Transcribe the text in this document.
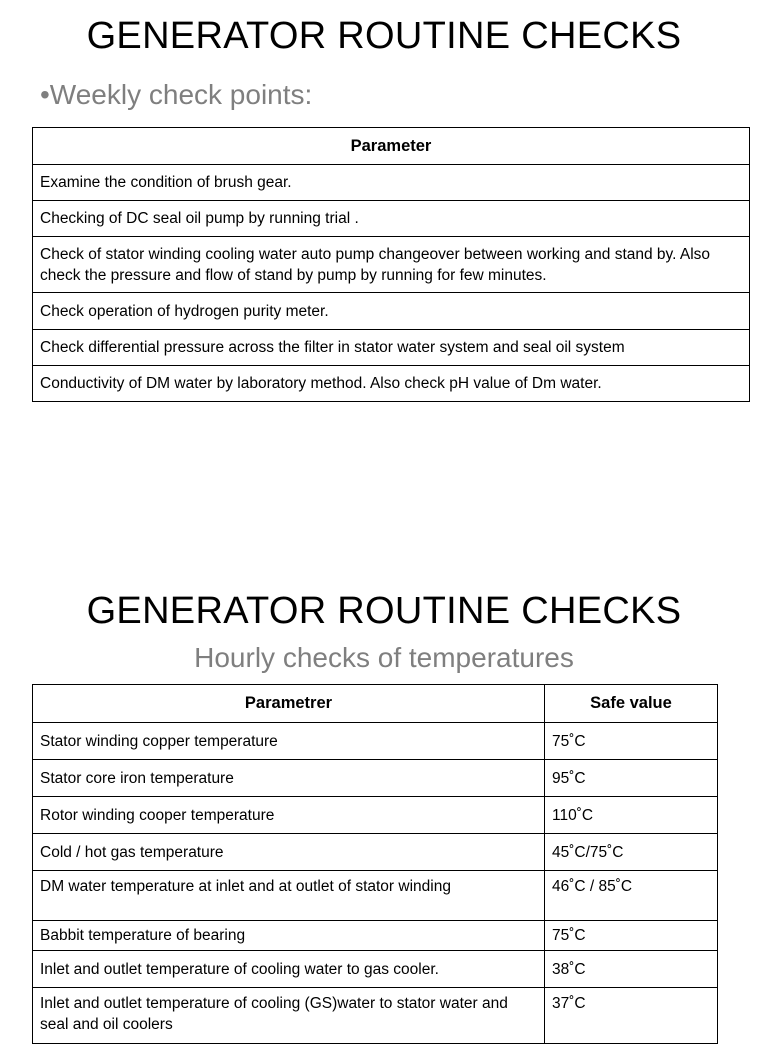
GENERATOR ROUTINE CHECKS
•Weekly check points:
Parameter
Examine the condition of brush gear.
Checking of DC seal oil pump by running trial .
Check of stator winding cooling water auto pump changeover between working and stand by. Also check the pressure and flow of stand by pump by running for few minutes.
Check operation of hydrogen purity meter.
Check differential pressure across the filter in stator water system and seal oil system
Conductivity of DM water by laboratory method. Also check pH value of Dm water.
GENERATOR ROUTINE CHECKS
Hourly checks of temperatures
Parametrer	Safe value
Stator winding copper temperature	75˚C
Stator core iron temperature	95˚C
Rotor winding cooper temperature	110˚C
Cold / hot gas temperature	45˚C/75˚C
DM water temperature at inlet and at outlet of stator winding	46˚C / 85˚C
Babbit temperature of bearing	75˚C
Inlet and outlet temperature of cooling water to gas cooler.	38˚C
Inlet and outlet temperature of cooling (GS)water to stator water and seal and oil coolers	37˚C
